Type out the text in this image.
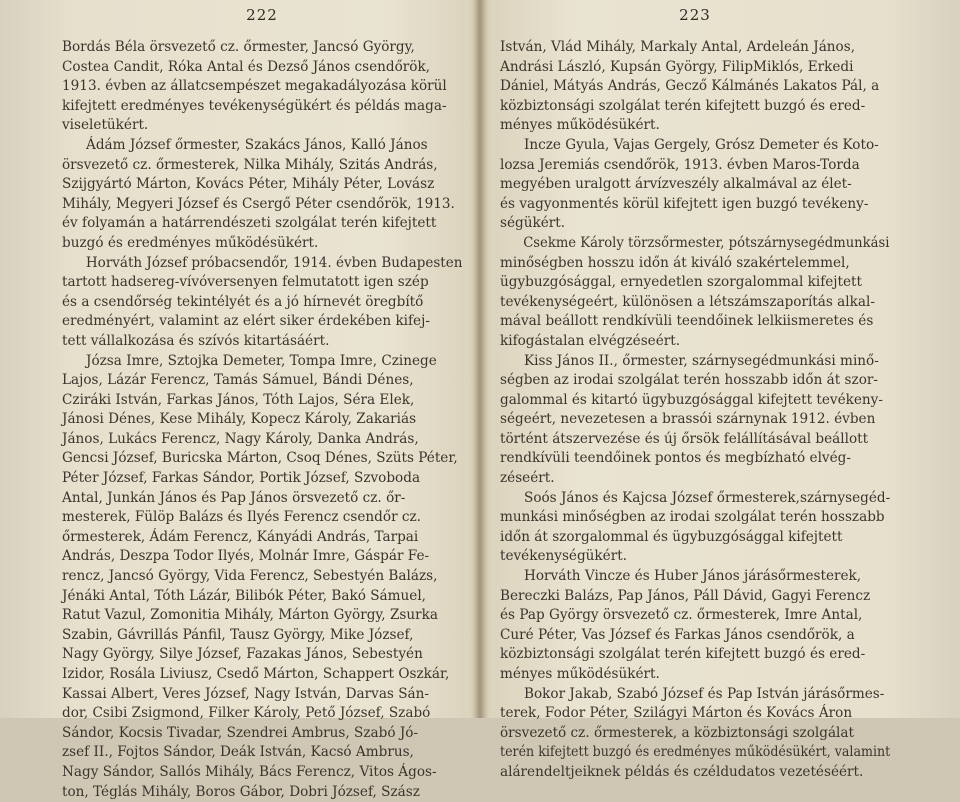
222
Bordás Béla örsvezető cz. őrmester, Jancsó György,
Costea Candit, Róka Antal és Dezső János csendőrök,
1913. évben az állatcsempészet megakadályozása körül
kifejtett eredményes tevékenységükért és példás maga-
viseletükért.
Ádám József őrmester, Szakács János, Kalló János
örsvezető cz. őrmesterek, Nilka Mihály, Szitás András,
Szijgyártó Márton, Kovács Péter, Mihály Péter, Lovász
Mihály, Megyeri József és Csergő Péter csendőrök, 1913.
év folyamán a határrendészeti szolgálat terén kifejtett
buzgó és eredményes működésükért.
Horváth József próbacsendőr, 1914. évben Budapesten
tartott hadsereg-vívóversenyen felmutatott igen szép
és a csendőrség tekintélyét és a jó hírnevét öregbítő
eredményért, valamint az elért siker érdekében kifej-
tett vállalkozása és szívós kitartásáért.
Józsa Imre, Sztojka Demeter, Tompa Imre, Czinege
Lajos, Lázár Ferencz, Tamás Sámuel, Bándi Dénes,
Cziráki István, Farkas János, Tóth Lajos, Séra Elek,
Jánosi Dénes, Kese Mihály, Kopecz Károly, Zakariás
János, Lukács Ferencz, Nagy Károly, Danka András,
Gencsi József, Buricska Márton, Csoq Dénes, Szüts Péter,
Péter József, Farkas Sándor, Portik József, Szvoboda
Antal, Junkán János és Pap János örsvezető cz. őr-
mesterek, Fülöp Balázs és Ilyés Ferencz csendőr cz.
őrmesterek, Ádám Ferencz, Kányádi András, Tarpai
András, Deszpa Todor Ilyés, Molnár Imre, Gáspár Fe-
rencz, Jancsó György, Vida Ferencz, Sebestyén Balázs,
Jénáki Antal, Tóth Lázár, Bilibók Péter, Bakó Sámuel,
Ratut Vazul, Zomonitia Mihály, Márton György, Zsurka
Szabin, Gávrillás Pánfil, Tausz György, Mike József,
Nagy György, Silye József, Fazakas János, Sebestyén
Izidor, Rosála Liviusz, Csedő Márton, Schappert Oszkár,
Kassai Albert, Veres József, Nagy István, Darvas Sán-
dor, Csibi Zsigmond, Filker Károly, Pető József, Szabó
Sándor, Kocsis Tivadar, Szendrei Ambrus, Szabó Jó-
zsef II., Fojtos Sándor, Deák István, Kacsó Ambrus,
Nagy Sándor, Sallós Mihály, Bács Ferencz, Vitos Ágos-
ton, Téglás Mihály, Boros Gábor, Dobri József, Szász
223
István, Vlád Mihály, Markaly Antal, Ardeleán János,
Andrási László, Kupsán György, FilipMiklós, Erkedi
Dániel, Mátyás András, Gecző Kálmánés Lakatos Pál, a
közbiztonsági szolgálat terén kifejtett buzgó és ered-
ményes működésükért.
Incze Gyula, Vajas Gergely, Grósz Demeter és Koto-
lozsa Jeremiás csendőrök, 1913. évben Maros-Torda
megyében uralgott árvízveszély alkalmával az élet-
és vagyonmentés körül kifejtett igen buzgó tevékeny-
ségükért.
Csekme Károly törzsőrmester, pótszárnysegédmunkási
minőségben hosszu időn át kiváló szakértelemmel,
ügybuzgósággal, ernyedetlen szorgalommal kifejtett
tevékenységeért, különösen a létszámszaporítás alkal-
mával beállott rendkívüli teendőinek lelkiismeretes és
kifogástalan elvégzéseért.
Kiss János II., őrmester, szárnysegédmunkási minő-
ségben az irodai szolgálat terén hosszabb időn át szor-
galommal és kitartó ügybuzgósággal kifejtett tevékeny-
ségeért, nevezetesen a brassói szárnynak 1912. évben
történt átszervezése és új őrsök felállításával beállott
rendkívüli teendőinek pontos és megbízható elvég-
zéseért.
Soós János és Kajcsa József őrmesterek,szárnysegéd-
munkási minőségben az irodai szolgálat terén hosszabb
időn át szorgalommal és ügybuzgósággal kifejtett
tevékenységükért.
Horváth Vincze és Huber János járásőrmesterek,
Bereczki Balázs, Pap János, Páll Dávid, Gagyi Ferencz
és Pap György örsvezető cz. őrmesterek, Imre Antal,
Curé Péter, Vas József és Farkas János csendőrök, a
közbiztonsági szolgálat terén kifejtett buzgó és ered-
ményes működésükért.
Bokor Jakab, Szabó József és Pap István járásőrmes-
terek, Fodor Péter, Szilágyi Márton és Kovács Áron
örsvezető cz. őrmesterek, a közbiztonsági szolgálat
terén kifejtett buzgó és eredményes működésükért, valamint
alárendeltjeiknek példás és czéldudatos vezetéséért.
